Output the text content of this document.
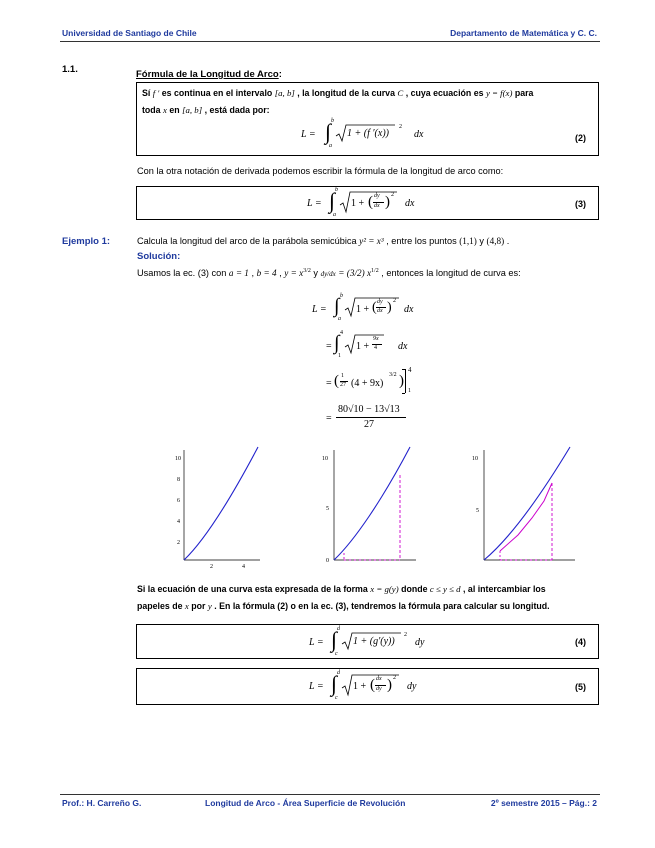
Universidad de Santiago de Chile	Departamento de Matemática y C. C.
1.1.	Fórmula de la Longitud de Arco:
Sí f ′ es continua en el intervalo [a, b] , la longitud de la curva C , cuya ecuación es y = f(x) para
toda x en [a, b] , está dada por:
L = ∫ b
a
1 + (f ′(x))
2
dx	(2)
Con la otra notación de derivada podemos escribir la fórmula de la longitud de arco como:
L = ∫ b
a
1 + ( dy
dx ) 2
dx	(3)
Ejemplo 1:	Calcula la longitud del arco de la parábola semicúbica y² = x³ , entre los puntos (1,1) y (4,8) .
Solución:
Usamos la ec. (3) con a = 1 , b = 4 , $y = x^{3/2}$ y dy/dx = (3/2) $x^{1/2}$ , entonces la longitud de curva es:
L = ∫ b
a
1 + ( dy
dx ) 2
dx
= ∫ 4
1
1 +
9x
4 dx
= ( 1
27 (4 + 9x)
3/2 )
4
1
=
80√10 − 13√13
27
10
8
6
4
2
2	4
10
5
0
10
5
Si la ecuación de una curva esta expresada de la forma x = g(y) donde c ≤ y ≤ d , al intercambiar los
papeles de x por y . En la fórmula (2) o en la ec. (3), tendremos la fórmula para calcular su longitud.
L = ∫ d
c
1 + (g′(y))
2
dy	(4)
L = ∫ d
c
1 + ( dx
dy ) 2
dy	(5)
Prof.: H. Carreño G.	Longitud de Arco - Área Superficie de Revolución	2º semestre 2015 – Pág.: 2
